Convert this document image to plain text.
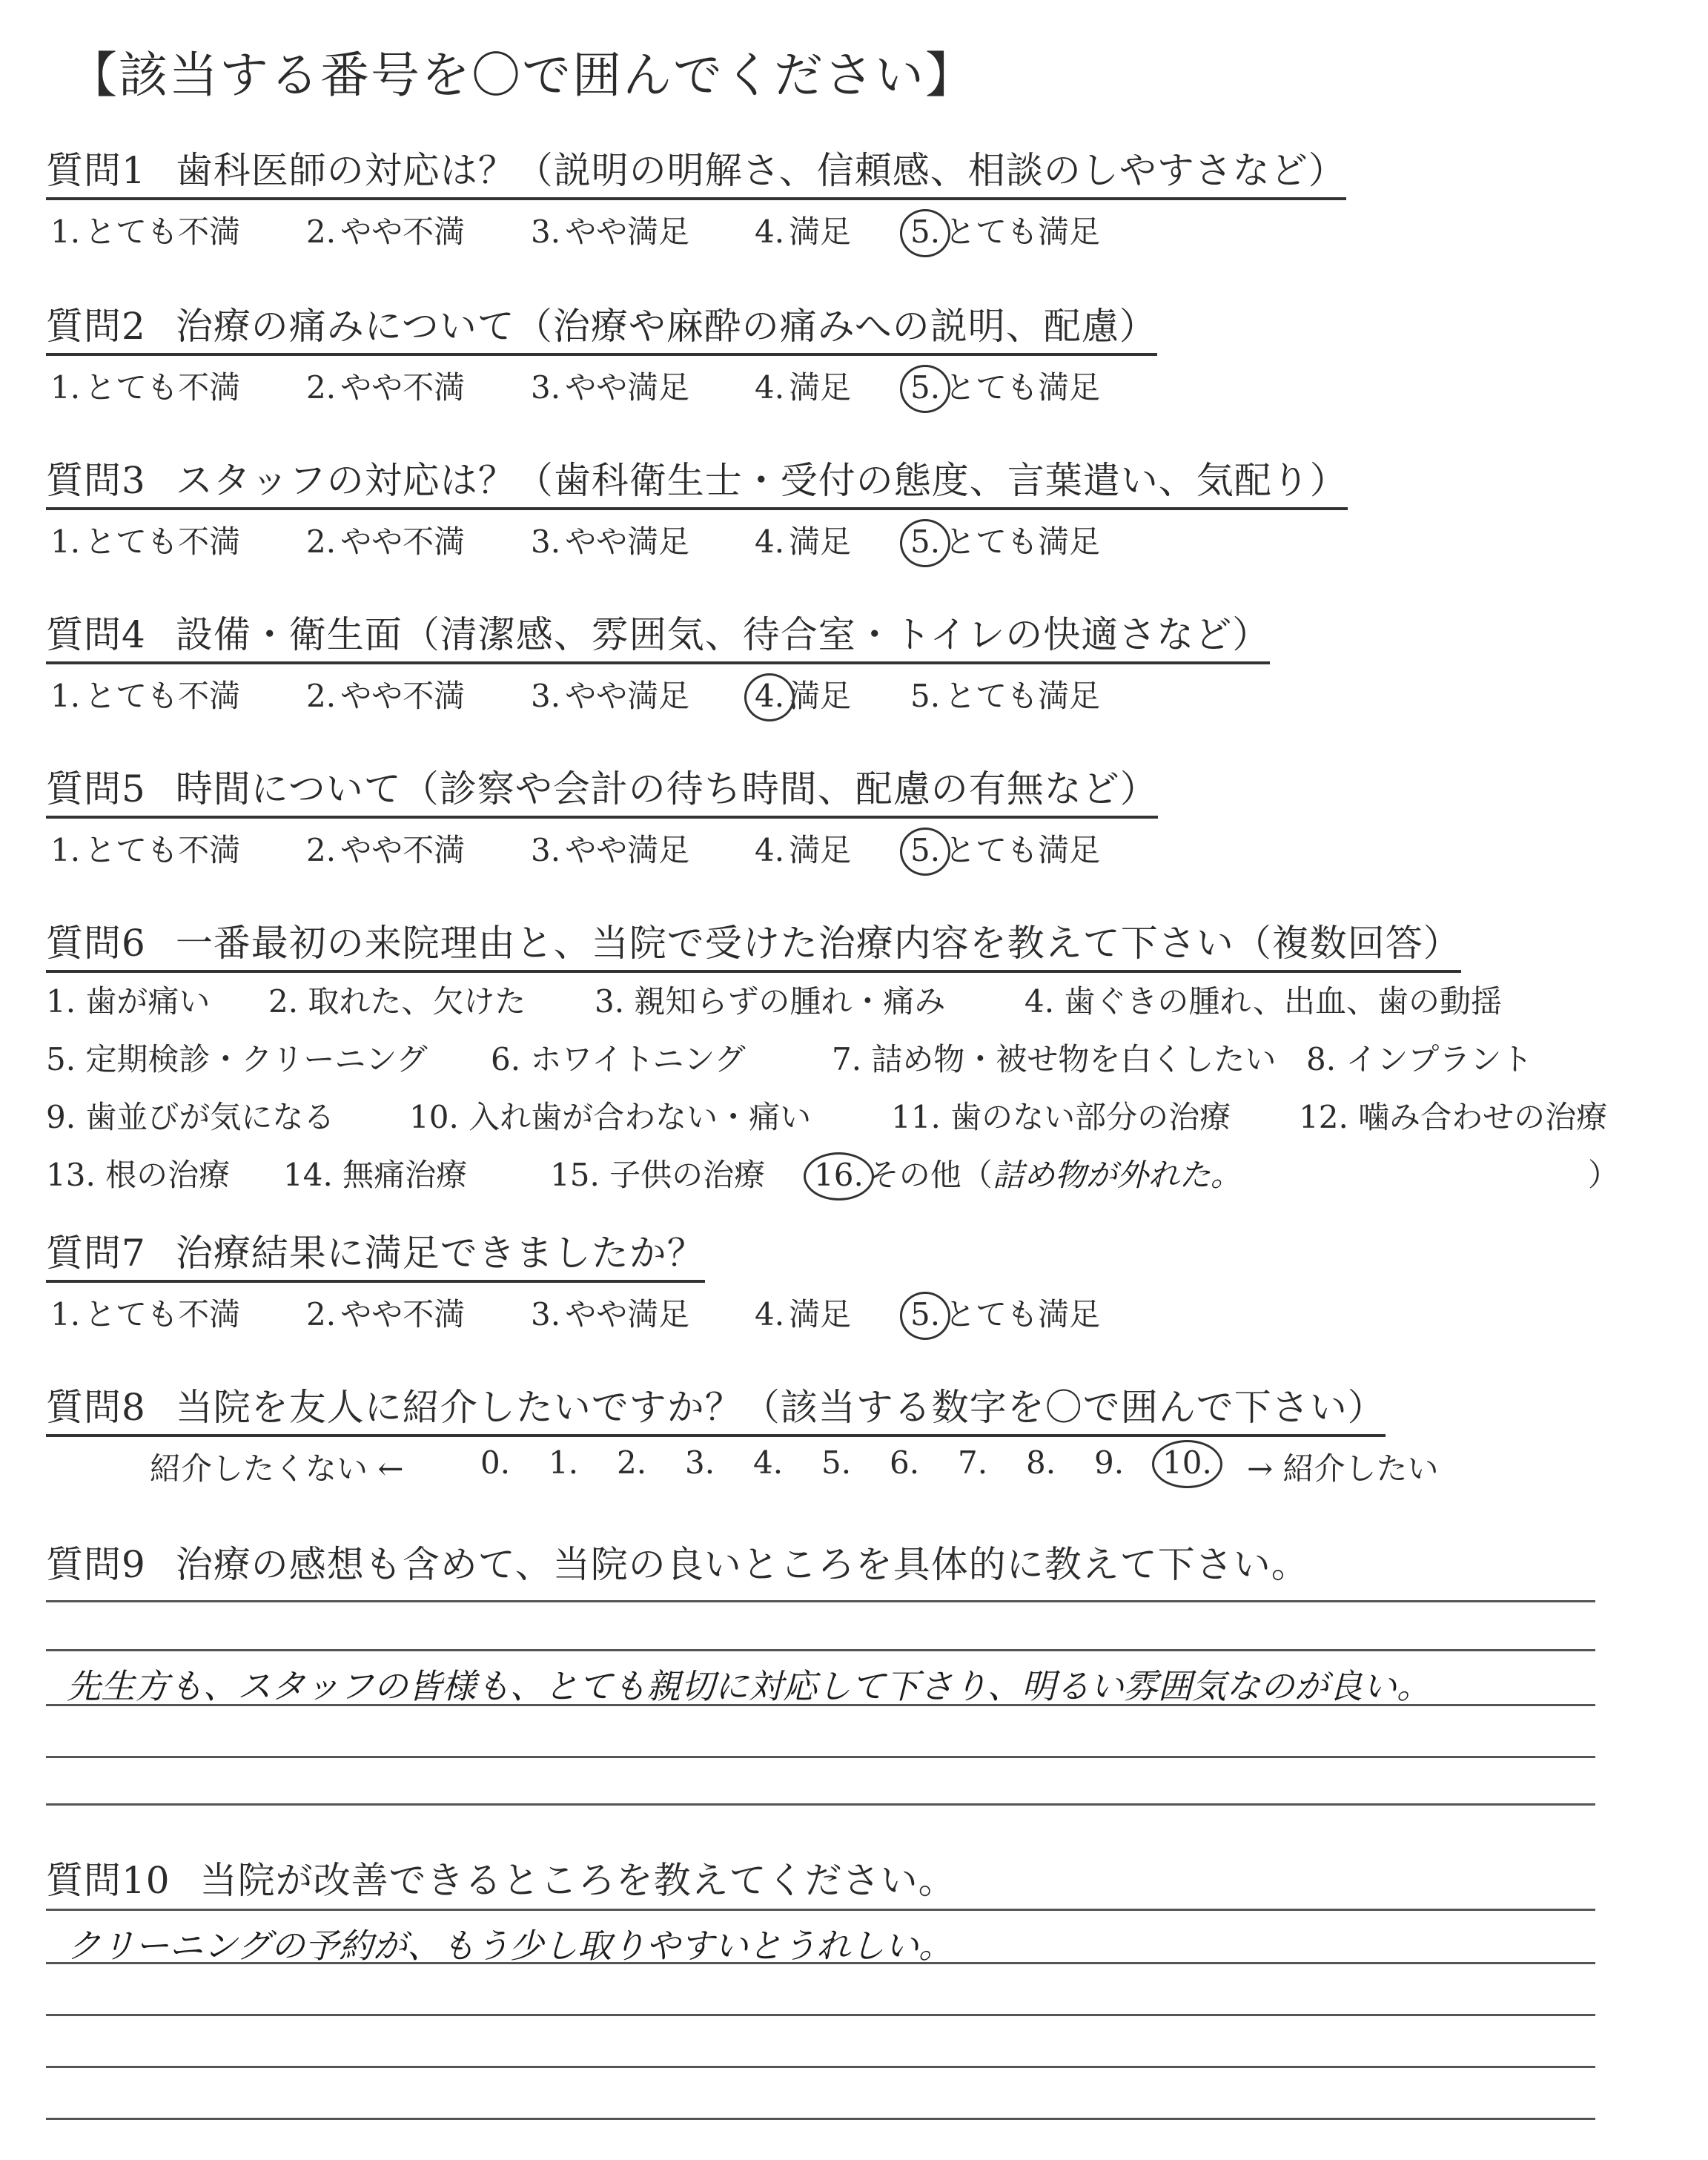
【該当する番号を〇で囲んでください】
質問1 歯科医師の対応は？（説明の明解さ、信頼感、相談のしやすさなど）
1. とても不満 2. やや不満 3. やや満足 4. 満足 5. とても満足
質問2 治療の痛みについて（治療や麻酔の痛みへの説明、配慮）
1. とても不満 2. やや不満 3. やや満足 4. 満足 5. とても満足
質問3 スタッフの対応は？（歯科衛生士・受付の態度、言葉遣い、気配り）
1. とても不満 2. やや不満 3. やや満足 4. 満足 5. とても満足
質問4 設備・衛生面（清潔感、雰囲気、待合室・トイレの快適さなど）
1. とても不満 2. やや不満 3. やや満足 4. 満足 5. とても満足
質問5 時間について（診察や会計の待ち時間、配慮の有無など）
1. とても不満 2. やや不満 3. やや満足 4. 満足 5. とても満足
質問6 一番最初の来院理由と、当院で受けた治療内容を教えて下さい（複数回答）
1. 歯が痛い 2. 取れた、欠けた 3. 親知らずの腫れ・痛み	4. 歯ぐきの腫れ、出血、歯の動揺
5. 定期検診・クリーニング 6. ホワイトニング	7. 詰め物・被せ物を白くしたい 8. インプラント
9. 歯並びが気になる 10. 入れ歯が合わない・痛い	11. 歯のない部分の治療 12. 噛み合わせの治療
13. 根の治療 14. 無痛治療	15. 子供の治療 16. その他（詰め物が外れた。	）
質問7 治療結果に満足できましたか？
1. とても不満 2. やや不満 3. やや満足 4. 満足 5. とても満足
質問8 当院を友人に紹介したいですか？（該当する数字を〇で囲んで下さい）
紹介したくない ← 0. 1. 2. 3. 4. 5. 6. 7. 8. 9. 10. → 紹介したい
質問9 治療の感想も含めて、当院の良いところを具体的に教えて下さい。
先生方も、スタッフの皆様も、とても親切に対応して下さり、明るい雰囲気なのが良い。
質問10 当院が改善できるところを教えてください。
クリーニングの予約が、もう少し取りやすいとうれしい。
